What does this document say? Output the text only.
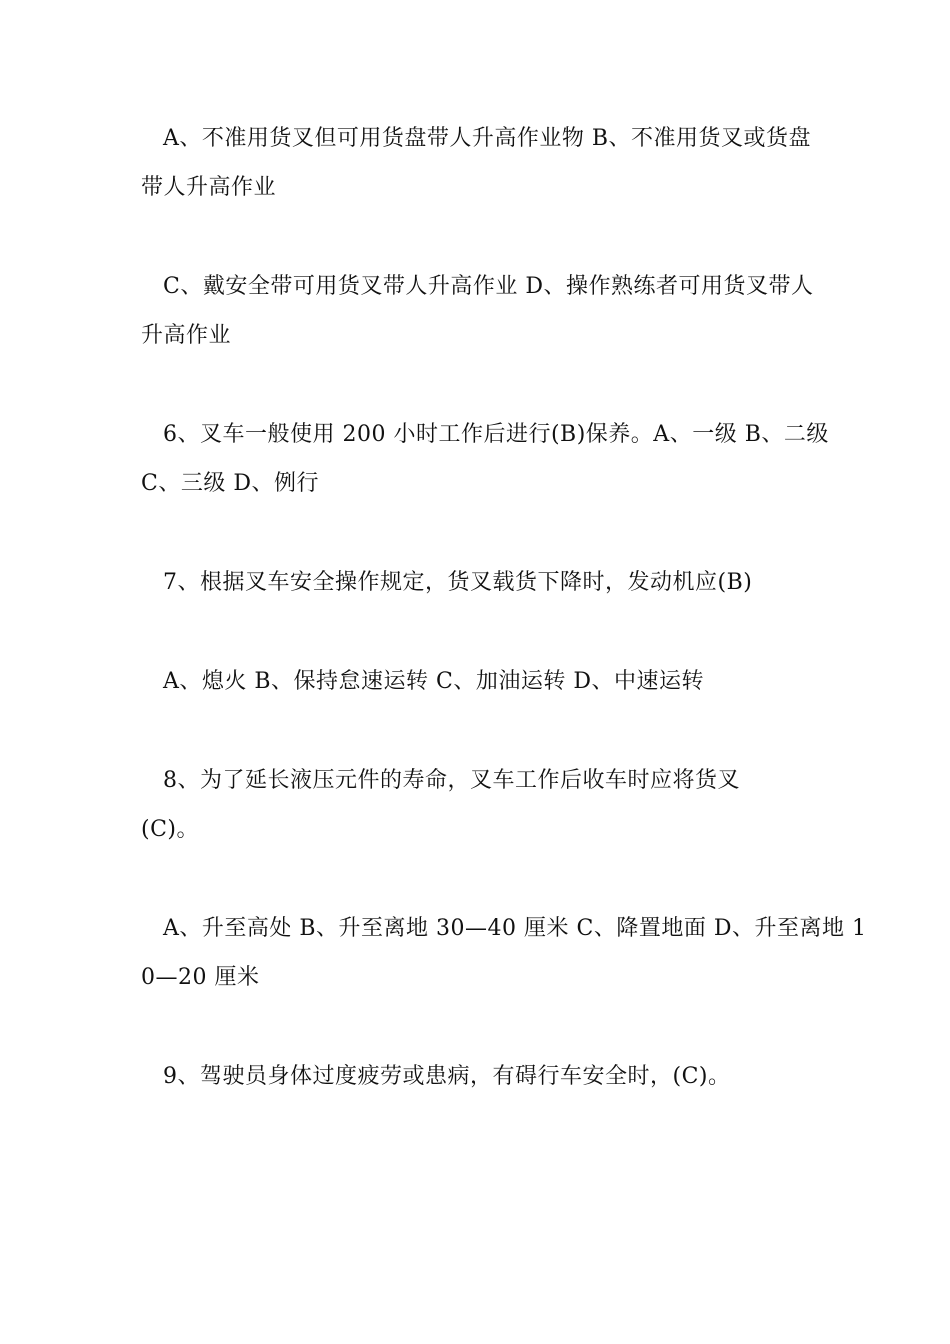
A、不准用货叉但可用货盘带人升高作业物 B、不准用货叉或货盘
带人升高作业
C、戴安全带可用货叉带人升高作业 D、操作熟练者可用货叉带人
升高作业
6、叉车一般使用 200 小时工作后进行(B)保养。A、一级 B、二级
C、三级 D、例行
7、根据叉车安全操作规定，货叉载货下降时，发动机应(B)
A、熄火 B、保持怠速运转 C、加油运转 D、中速运转
8、为了延长液压元件的寿命，叉车工作后收车时应将货叉
(C)。
A、升至高处 B、升至离地 30—40 厘米 C、降置地面 D、升至离地 1
0—20 厘米
9、驾驶员身体过度疲劳或患病，有碍行车安全时，(C)。
